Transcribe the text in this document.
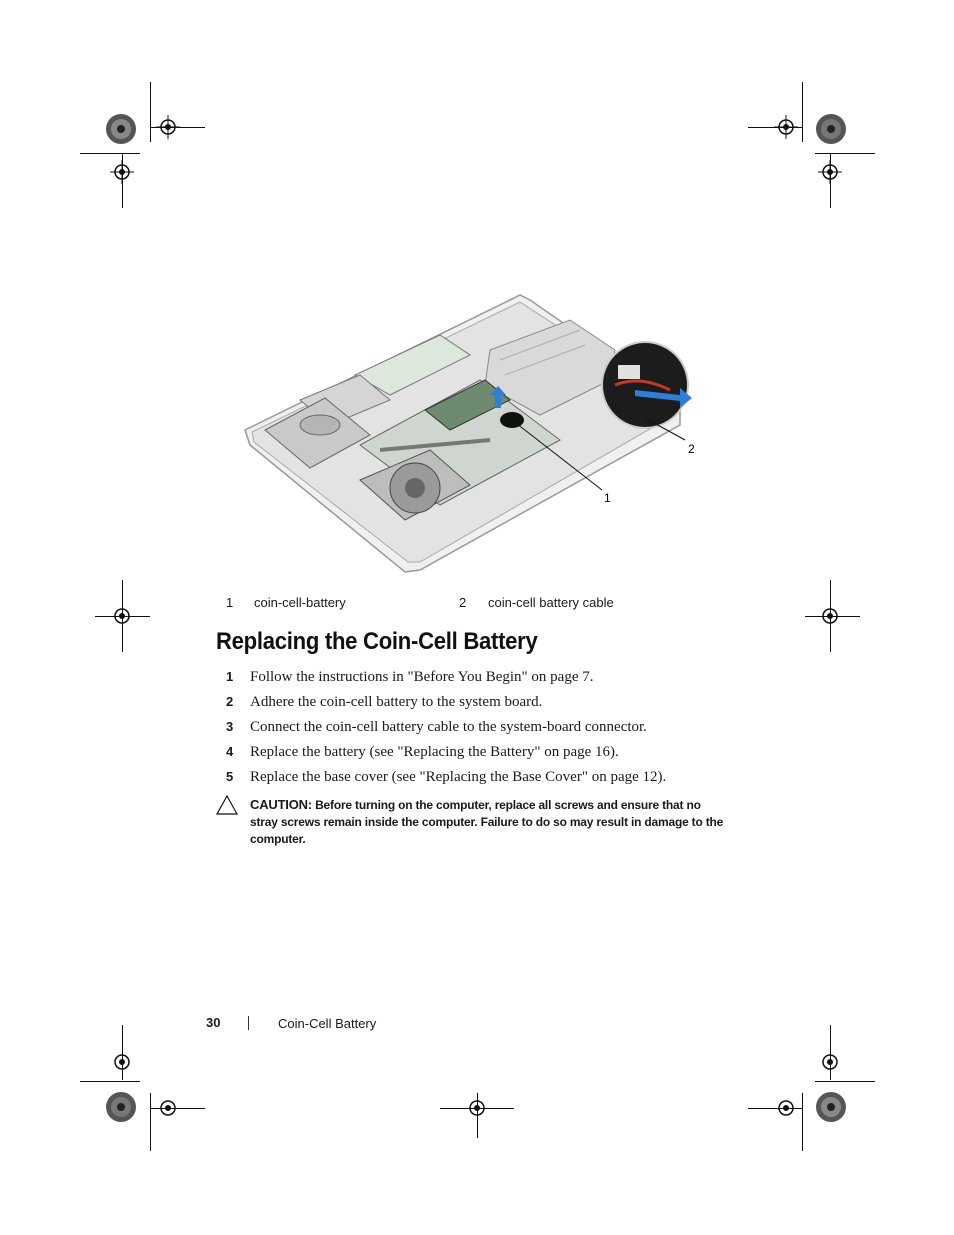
1
2
1 coin-cell-battery	2 coin-cell battery cable
Replacing the Coin-Cell Battery
1 Follow the instructions in "Before You Begin" on page 7.
2 Adhere the coin-cell battery to the system board.
3 Connect the coin-cell battery cable to the system-board connector.
4 Replace the battery (see "Replacing the Battery" on page 16).
5 Replace the base cover (see "Replacing the Base Cover" on page 12).
CAUTION: Before turning on the computer, replace all screws and ensure that no stray screws remain inside the computer. Failure to do so may result in damage to the computer.
30	Coin-Cell Battery
